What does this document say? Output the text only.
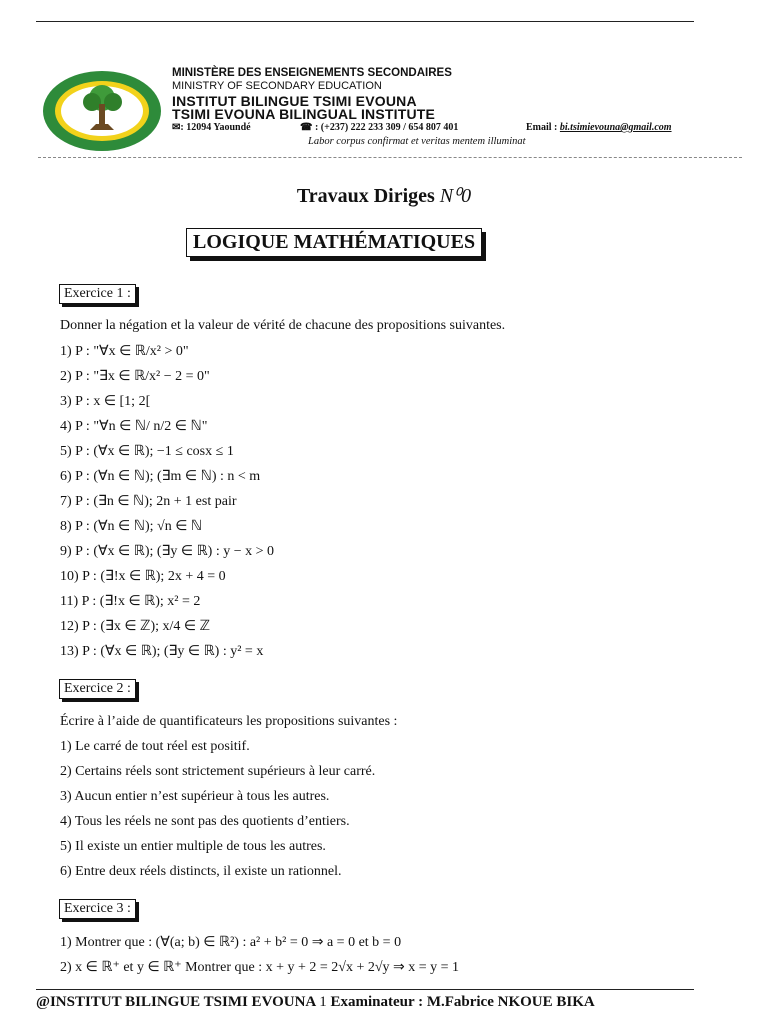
MINISTÈRE DES ENSEIGNEMENTS SECONDAIRES
MINISTRY OF SECONDARY EDUCATION
INSTITUT BILINGUE TSIMI EVOUNA
TSIMI EVOUNA BILINGUAL INSTITUTE
✉: 12094 Yaoundé	☎ : (+237) 222 233 309 / 654 807 401	Email : bi.tsimievouna@gmail.com
Labor corpus confirmat et veritas mentem illuminat
Travaux Diriges N⁰0
LOGIQUE MATHÉMATIQUES
Exercice 1 :
Donner la négation et la valeur de vérité de chacune des propositions suivantes.
1) P : "∀x ∈ ℝ/x² > 0"
2) P : "∃x ∈ ℝ/x² − 2 = 0"
3) P : x ∈ [1; 2[
4) P : "∀n ∈ ℕ/ n/2 ∈ ℕ"
5) P : (∀x ∈ ℝ); −1 ≤ cosx ≤ 1
6) P : (∀n ∈ ℕ); (∃m ∈ ℕ) : n < m
7) P : (∃n ∈ ℕ); 2n + 1 est pair
8) P : (∀n ∈ ℕ); √n ∈ ℕ
9) P : (∀x ∈ ℝ); (∃y ∈ ℝ) : y − x > 0
10) P : (∃!x ∈ ℝ); 2x + 4 = 0
11) P : (∃!x ∈ ℝ); x² = 2
12) P : (∃x ∈ ℤ); x/4 ∈ ℤ
13) P : (∀x ∈ ℝ); (∃y ∈ ℝ) : y² = x
Exercice 2 :
Écrire à l’aide de quantificateurs les propositions suivantes :
1) Le carré de tout réel est positif.
2) Certains réels sont strictement supérieurs à leur carré.
3) Aucun entier n’est supérieur à tous les autres.
4) Tous les réels ne sont pas des quotients d’entiers.
5) Il existe un entier multiple de tous les autres.
6) Entre deux réels distincts, il existe un rationnel.
Exercice 3 :
1) Montrer que : (∀(a; b) ∈ ℝ²) : a² + b² = 0 ⇒ a = 0 et b = 0
2) x ∈ ℝ⁺ et y ∈ ℝ⁺ Montrer que : x + y + 2 = 2√x + 2√y ⇒ x = y = 1
@INSTITUT BILINGUE TSIMI EVOUNA 1 Examinateur : M.Fabrice NKOUE BIKA
